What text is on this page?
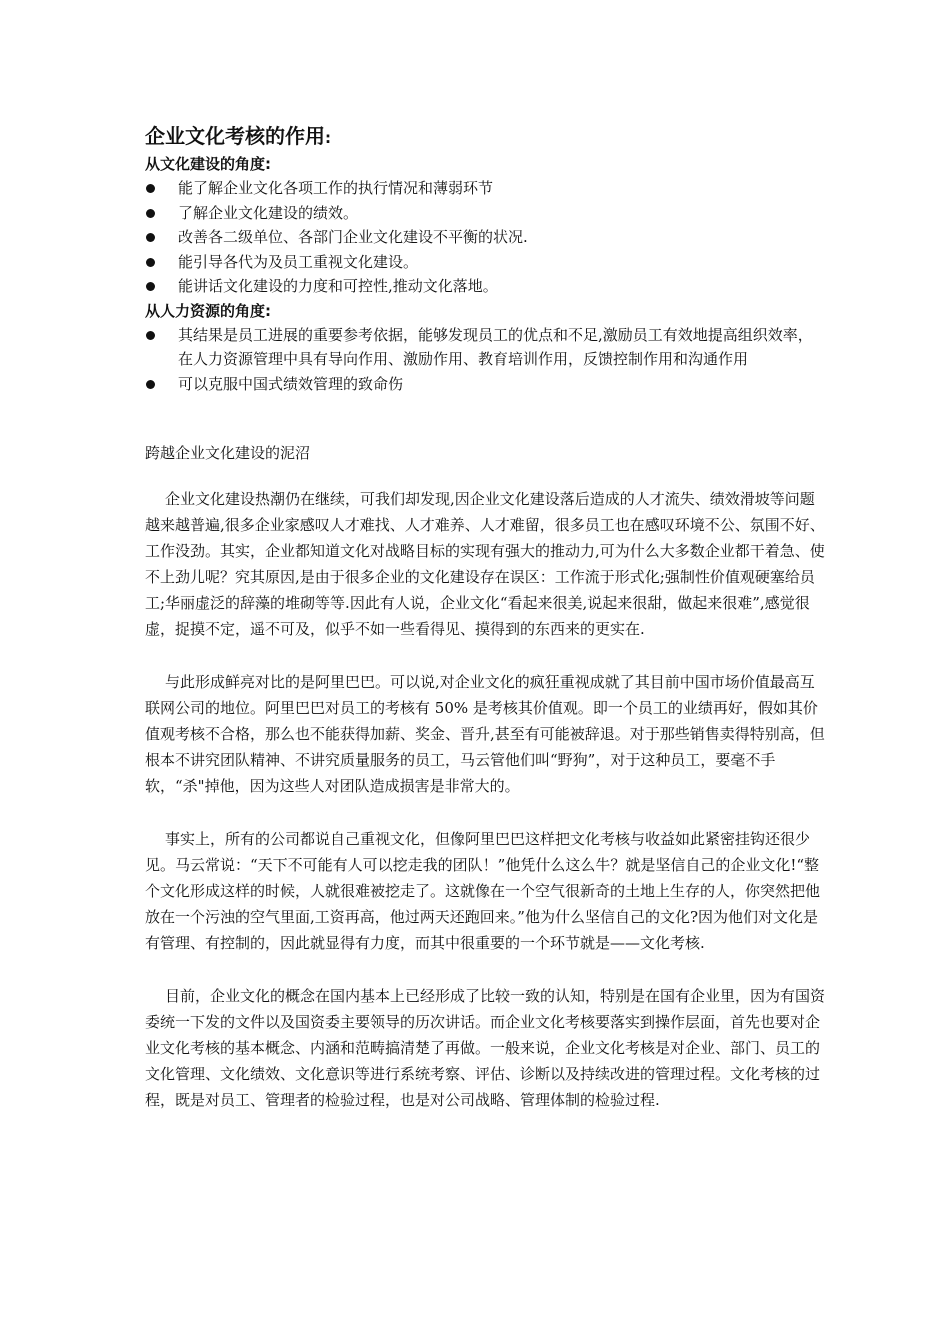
企业文化考核的作用:
从文化建设的角度:
能了解企业文化各项工作的执行情况和薄弱环节
了解企业文化建设的绩效。
改善各二级单位、各部门企业文化建设不平衡的状况.
能引导各代为及员工重视文化建设。
能讲话文化建设的力度和可控性,推动文化落地。
从人力资源的角度:
其结果是员工进展的重要参考依据，能够发现员工的优点和不足,激励员工有效地提高组织效率，在人力资源管理中具有导向作用、激励作用、教育培训作用，反馈控制作用和沟通作用
可以克服中国式绩效管理的致命伤
跨越企业文化建设的泥沼

企业文化建设热潮仍在继续，可我们却发现,因企业文化建设落后造成的人才流失、绩效滑坡等问题越来越普遍,很多企业家感叹人才难找、人才难养、人才难留，很多员工也在感叹环境不公、氛围不好、工作没劲。其实，企业都知道文化对战略目标的实现有强大的推动力,可为什么大多数企业都干着急、使不上劲儿呢？究其原因,是由于很多企业的文化建设存在误区：工作流于形式化;强制性价值观硬塞给员工;华丽虚泛的辞藻的堆砌等等.因此有人说，企业文化“看起来很美,说起来很甜，做起来很难”,感觉很虚，捉摸不定，遥不可及，似乎不如一些看得见、摸得到的东西来的更实在.

与此形成鲜亮对比的是阿里巴巴。可以说,对企业文化的疯狂重视成就了其目前中国市场价值最高互联网公司的地位。阿里巴巴对员工的考核有 50% 是考核其价值观。即一个员工的业绩再好，假如其价值观考核不合格，那么也不能获得加薪、奖金、晋升,甚至有可能被辞退。对于那些销售卖得特别高，但根本不讲究团队精神、不讲究质量服务的员工，马云管他们叫“野狗”，对于这种员工，要毫不手软，“杀"掉他，因为这些人对团队造成损害是非常大的。

事实上，所有的公司都说自己重视文化，但像阿里巴巴这样把文化考核与收益如此紧密挂钩还很少见。马云常说：“天下不可能有人可以挖走我的团队！”他凭什么这么牛？就是坚信自己的企业文化!“整个文化形成这样的时候，人就很难被挖走了。这就像在一个空气很新奇的土地上生存的人，你突然把他放在一个污浊的空气里面,工资再高，他过两天还跑回来。”他为什么坚信自己的文化?因为他们对文化是有管理、有控制的，因此就显得有力度，而其中很重要的一个环节就是——文化考核.

目前，企业文化的概念在国内基本上已经形成了比较一致的认知，特别是在国有企业里，因为有国资委统一下发的文件以及国资委主要领导的历次讲话。而企业文化考核要落实到操作层面，首先也要对企业文化考核的基本概念、内涵和范畴搞清楚了再做。一般来说，企业文化考核是对企业、部门、员工的文化管理、文化绩效、文化意识等进行系统考察、评估、诊断以及持续改进的管理过程。文化考核的过程，既是对员工、管理者的检验过程，也是对公司战略、管理体制的检验过程.
